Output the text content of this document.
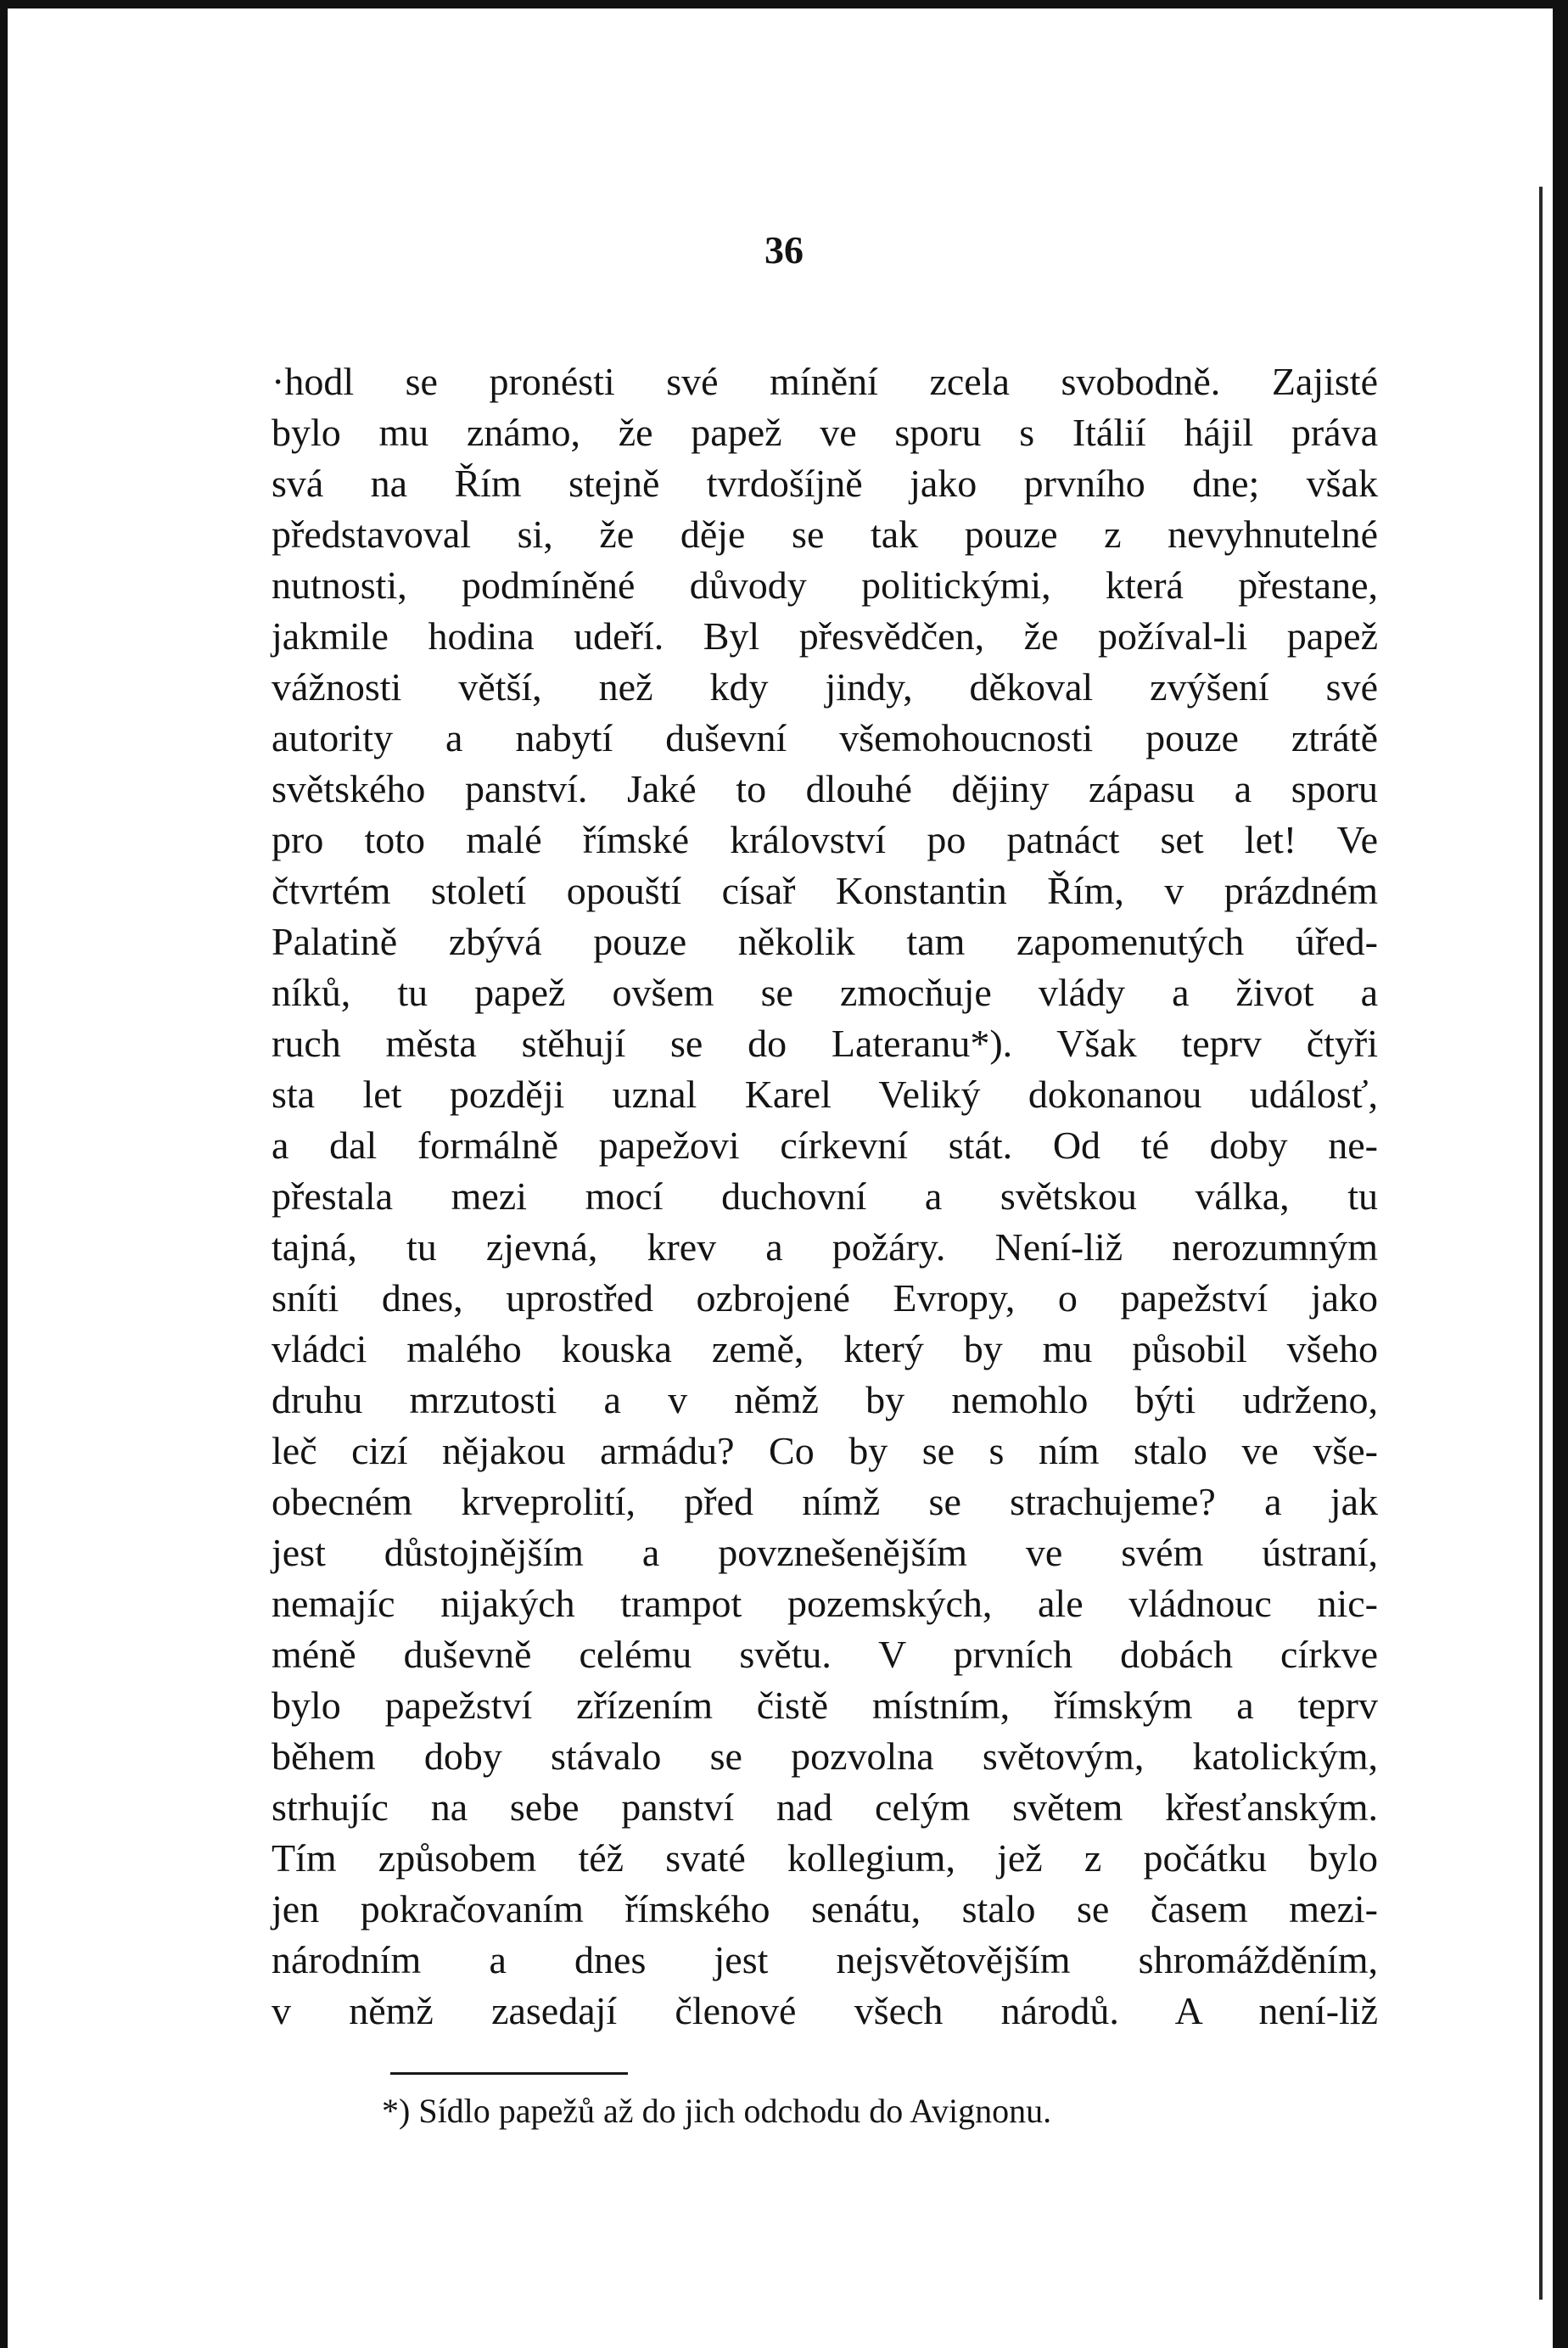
36
·hodl se pronésti své mínění zcela svobodně. Zajisté
bylo mu známo, že papež ve sporu s Itálií hájil práva
svá na Řím stejně tvrdošíjně jako prvního dne; však
představoval si, že děje se tak pouze z nevyhnutelné
nutnosti, podmíněné důvody politickými, která přestane,
jakmile hodina udeří. Byl přesvědčen, že požíval-li papež
vážnosti větší, než kdy jindy, děkoval zvýšení své
autority a nabytí duševní všemohoucnosti pouze ztrátě
světského panství. Jaké to dlouhé dějiny zápasu a sporu
pro toto malé římské království po patnáct set let! Ve
čtvrtém století opouští císař Konstantin Řím, v prázdném
Palatině zbývá pouze několik tam zapomenutých úřed-
níků, tu papež ovšem se zmocňuje vlády a život a
ruch města stěhují se do Lateranu*). Však teprv čtyři
sta let později uznal Karel Veliký dokonanou událosť,
a dal formálně papežovi církevní stát. Od té doby ne-
přestala mezi mocí duchovní a světskou válka, tu
tajná, tu zjevná, krev a požáry. Není-liž nerozumným
sníti dnes, uprostřed ozbrojené Evropy, o papežství jako
vládci malého kouska země, který by mu působil všeho
druhu mrzutosti a v němž by nemohlo býti udrženo,
leč cizí nějakou armádu? Co by se s ním stalo ve vše-
obecném krveprolití, před nímž se strachujeme? a jak
jest důstojnějším a povznešenějším ve svém ústraní,
nemajíc nijakých trampot pozemských, ale vládnouc nic-
méně duševně celému světu. V prvních dobách církve
bylo papežství zřízením čistě místním, římským a teprv
během doby stávalo se pozvolna světovým, katolickým,
strhujíc na sebe panství nad celým světem křesťanským.
Tím způsobem též svaté kollegium, jež z počátku bylo
jen pokračovaním římského senátu, stalo se časem mezi-
národním a dnes jest nejsvětovějším shromážděním,
v němž zasedají členové všech národů. A není-liž
*) Sídlo papežů až do jich odchodu do Avignonu.
